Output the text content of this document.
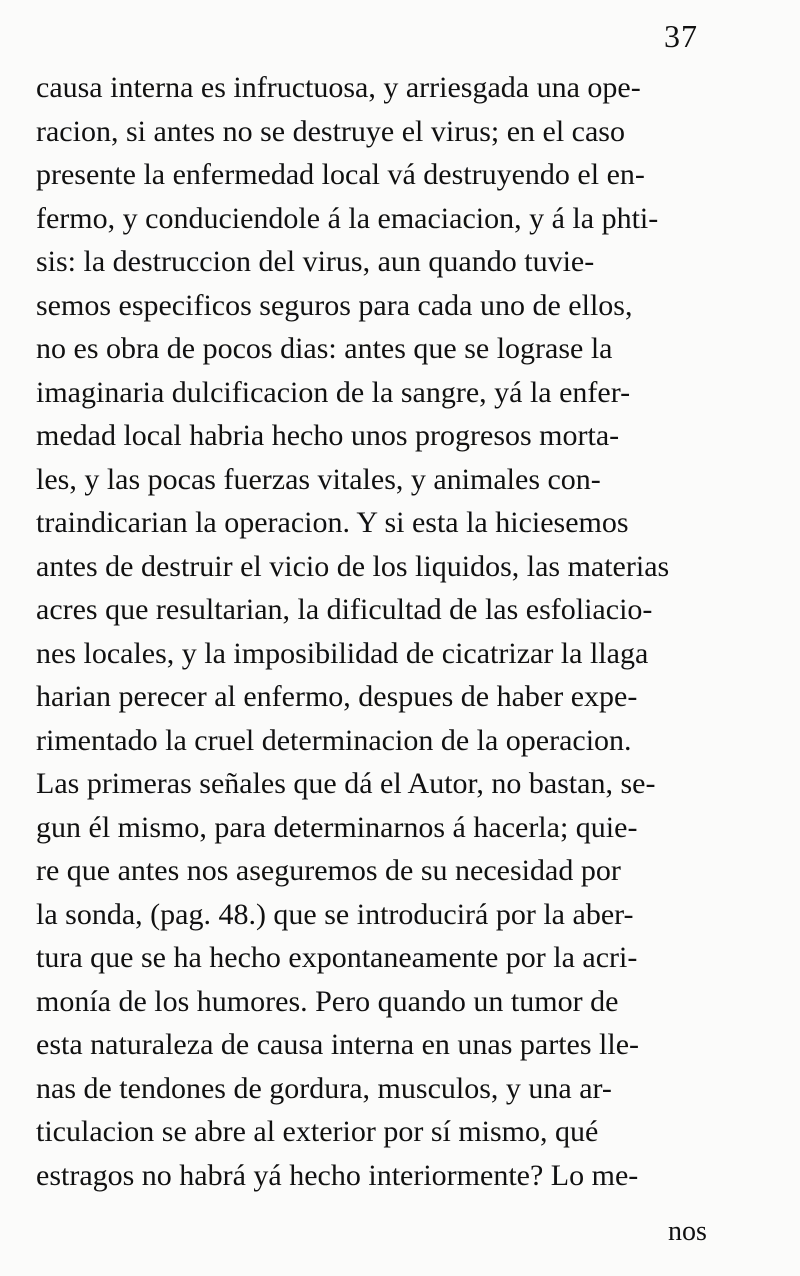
37
causa interna es infructuosa, y arriesgada una ope-
racion, si antes no se destruye el virus; en el caso
presente la enfermedad local vá destruyendo el en-
fermo, y conduciendole á la emaciacion, y á la phti-
sis: la destruccion del virus, aun quando tuvie-
semos especificos seguros para cada uno de ellos,
no es obra de pocos dias: antes que se lograse la
imaginaria dulcificacion de la sangre, yá la enfer-
medad local habria hecho unos progresos morta-
les, y las pocas fuerzas vitales, y animales con-
traindicarian la operacion. Y si esta la hiciesemos
antes de destruir el vicio de los liquidos, las materias
acres que resultarian, la dificultad de las esfoliacio-
nes locales, y la imposibilidad de cicatrizar la llaga
harian perecer al enfermo, despues de haber expe-
rimentado la cruel determinacion de la operacion.
Las primeras señales que dá el Autor, no bastan, se-
gun él mismo, para determinarnos á hacerla; quie-
re que antes nos aseguremos de su necesidad por
la sonda, (pag. 48.) que se introducirá por la aber-
tura que se ha hecho expontaneamente por la acri-
monía de los humores. Pero quando un tumor de
esta naturaleza de causa interna en unas partes lle-
nas de tendones de gordura, musculos, y una ar-
ticulacion se abre al exterior por sí mismo, qué
estragos no habrá yá hecho interiormente? Lo me-
nos
